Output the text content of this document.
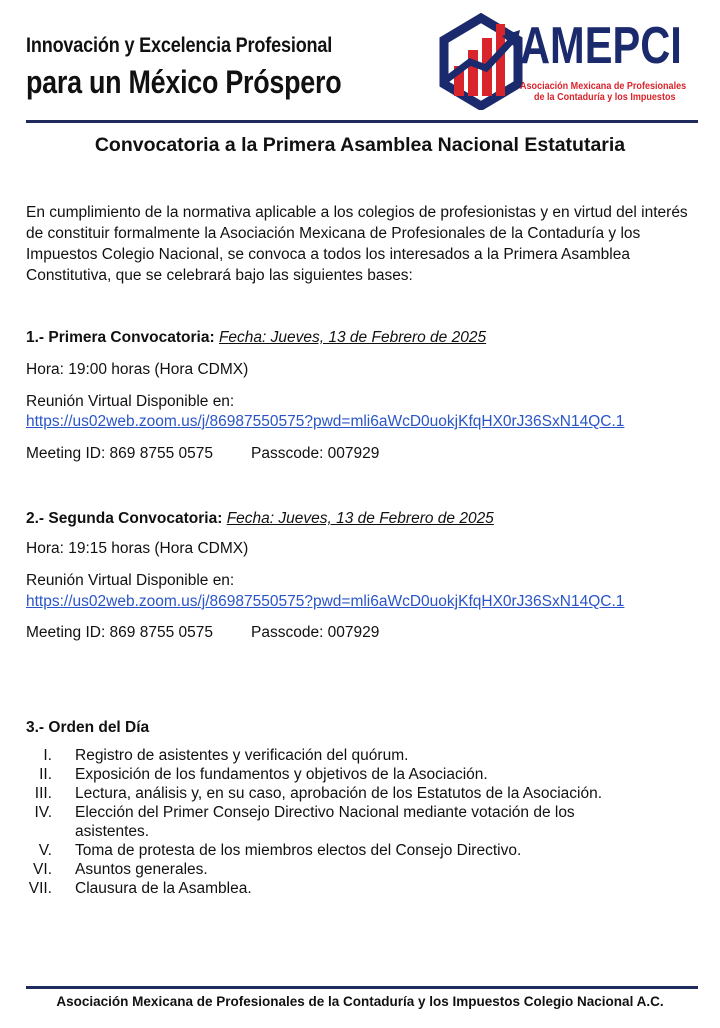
Innovación y Excelencia Profesional
para un México Próspero
AMEPCI
Asociación Mexicana de Profesionales
de la Contaduría y los Impuestos
Convocatoria a la Primera Asamblea Nacional Estatutaria
En cumplimiento de la normativa aplicable a los colegios de profesionistas y en virtud del interés de constituir formalmente la Asociación Mexicana de Profesionales de la Contaduría y los Impuestos Colegio Nacional, se convoca a todos los interesados a la Primera Asamblea Constitutiva, que se celebrará bajo las siguientes bases:
1.- Primera Convocatoria: Fecha: Jueves, 13 de Febrero de 2025
Hora: 19:00 horas (Hora CDMX)
Reunión Virtual Disponible en:
https://us02web.zoom.us/j/86987550575?pwd=mli6aWcD0uokjKfqHX0rJ36SxN14QC.1
Meeting ID: 869 8755 0575 Passcode: 007929
2.- Segunda Convocatoria: Fecha: Jueves, 13 de Febrero de 2025
Hora: 19:15 horas (Hora CDMX)
Reunión Virtual Disponible en:
https://us02web.zoom.us/j/86987550575?pwd=mli6aWcD0uokjKfqHX0rJ36SxN14QC.1
Meeting ID: 869 8755 0575 Passcode: 007929
3.- Orden del Día
I.	Registro de asistentes y verificación del quórum.
II.	Exposición de los fundamentos y objetivos de la Asociación.
III.	Lectura, análisis y, en su caso, aprobación de los Estatutos de la Asociación.
IV.	Elección del Primer Consejo Directivo Nacional mediante votación de los asistentes.
V.	Toma de protesta de los miembros electos del Consejo Directivo.
VI.	Asuntos generales.
VII.	Clausura de la Asamblea.
Asociación Mexicana de Profesionales de la Contaduría y los Impuestos Colegio Nacional A.C.
